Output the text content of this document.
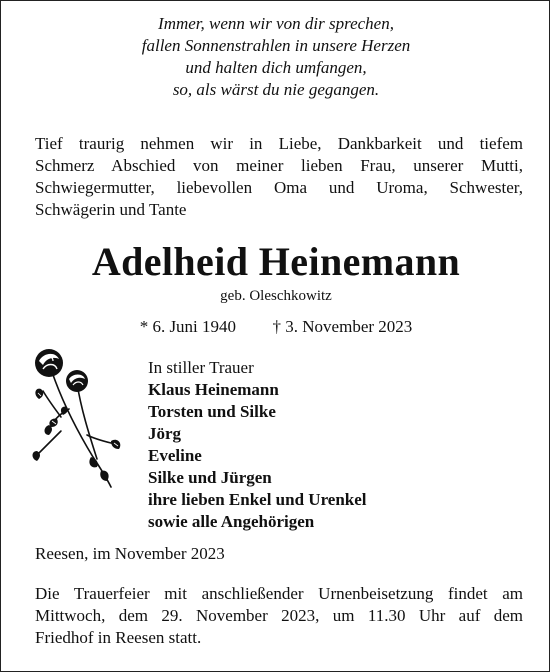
Immer, wenn wir von dir sprechen,
fallen Sonnenstrahlen in unsere Herzen
und halten dich umfangen,
so, als wärst du nie gegangen.
Tief traurig nehmen wir in Liebe, Dankbarkeit und tiefem
Schmerz Abschied von meiner lieben Frau, unserer Mutti,
Schwiegermutter, liebevollen Oma und Uroma, Schwester,
Schwägerin und Tante
Adelheid Heinemann
geb. Oleschkowitz
* 6. Juni 1940 † 3. November 2023
In stiller Trauer
Klaus Heinemann
Torsten und Silke
Jörg
Eveline
Silke und Jürgen
ihre lieben Enkel und Urenkel
sowie alle Angehörigen
Reesen, im November 2023
Die Trauerfeier mit anschließender Urnenbeisetzung findet am
Mittwoch, dem 29. November 2023, um 11.30 Uhr auf dem
Friedhof in Reesen statt.
